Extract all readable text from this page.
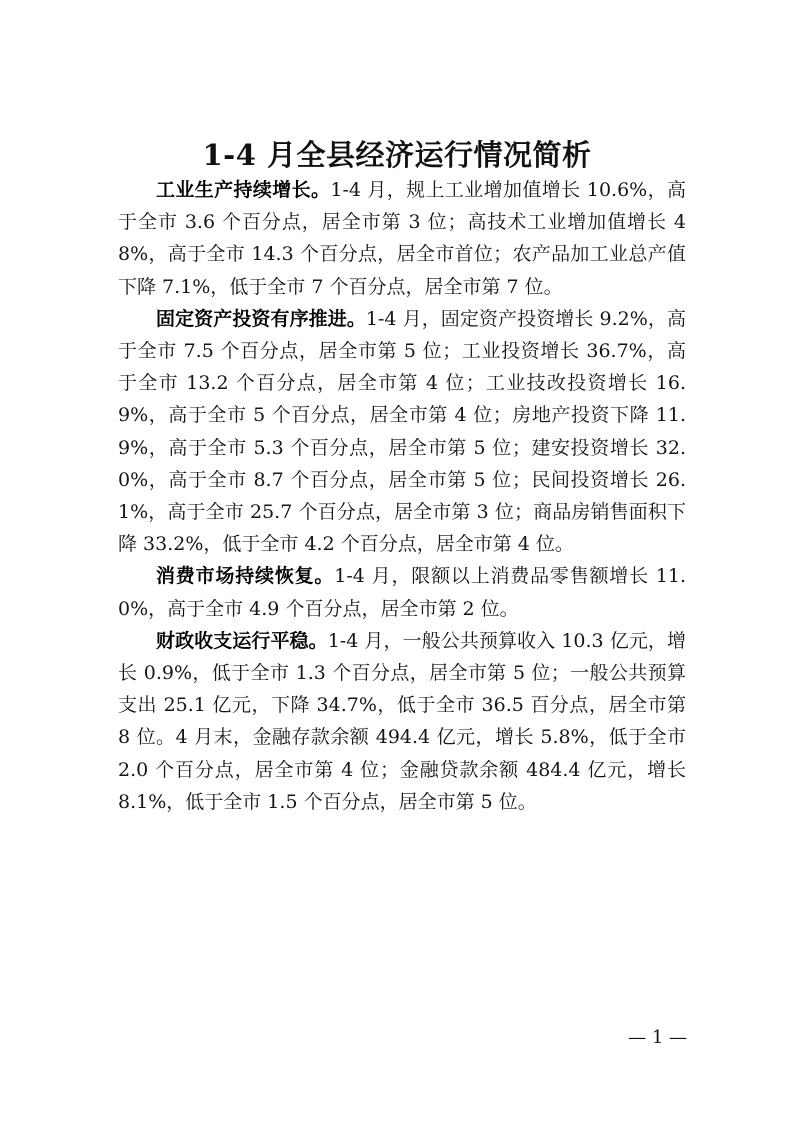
1-4 月全县经济运行情况简析

工业生产持续增长。1-4 月，规上工业增加值增长 10.6%，高于全市 3.6 个百分点，居全市第 3 位；高技术工业增加值增长 48%，高于全市 14.3 个百分点，居全市首位；农产品加工业总产值下降 7.1%，低于全市 7 个百分点，居全市第 7 位。

固定资产投资有序推进。1-4 月，固定资产投资增长 9.2%，高于全市 7.5 个百分点，居全市第 5 位；工业投资增长 36.7%，高于全市 13.2 个百分点，居全市第 4 位；工业技改投资增长 16.9%，高于全市 5 个百分点，居全市第 4 位；房地产投资下降 11.9%，高于全市 5.3 个百分点，居全市第 5 位；建安投资增长 32.0%，高于全市 8.7 个百分点，居全市第 5 位；民间投资增长 26.1%，高于全市 25.7 个百分点，居全市第 3 位；商品房销售面积下降 33.2%，低于全市 4.2 个百分点，居全市第 4 位。

消费市场持续恢复。1-4 月，限额以上消费品零售额增长 11.0%，高于全市 4.9 个百分点，居全市第 2 位。

财政收支运行平稳。1-4 月，一般公共预算收入 10.3 亿元，增长 0.9%，低于全市 1.3 个百分点，居全市第 5 位；一般公共预算支出 25.1 亿元，下降 34.7%，低于全市 36.5 百分点，居全市第 8 位。4 月末，金融存款余额 494.4 亿元，增长 5.8%，低于全市 2.0 个百分点，居全市第 4 位；金融贷款余额 484.4 亿元，增长 8.1%，低于全市 1.5 个百分点，居全市第 5 位。

— 1 —
